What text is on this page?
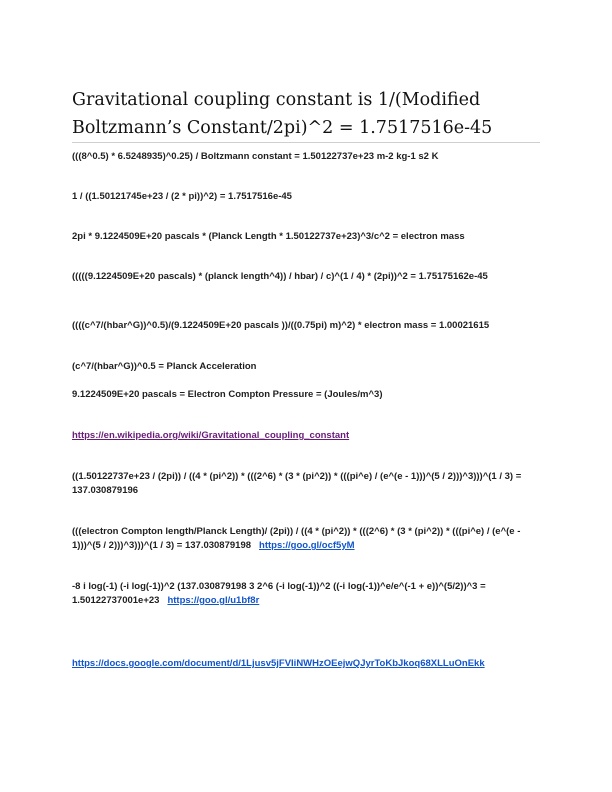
Gravitational coupling constant is 1/(Modified Boltzmann’s Constant/2pi)^2 = 1.7517516e-45
(((8^0.5) * 6.5248935)^0.25) / Boltzmann constant = 1.50122737e+23 m-2 kg-1 s2 K
1 / ((1.50121745e+23 / (2 * pi))^2) = 1.7517516e-45
2pi * 9.1224509E+20 pascals * (Planck Length * 1.50122737e+23)^3/c^2 = electron mass
(((((9.1224509E+20 pascals) * (planck length^4)) / hbar) / c)^(1 / 4) * (2pi))^2 = 1.75175162e-45
((((c^7/(hbar^G))^0.5)/(9.1224509E+20 pascals ))/((0.75pi) m)^2) * electron mass = 1.00021615
(c^7/(hbar^G))^0.5 = Planck Acceleration
9.1224509E+20 pascals = Electron Compton Pressure = (Joules/m^3)
https://en.wikipedia.org/wiki/Gravitational_coupling_constant
((1.50122737e+23 / (2pi)) / ((4 * (pi^2)) * (((2^6) * (3 * (pi^2)) * (((pi^e) / (e^(e - 1)))^(5 / 2)))^3)))^(1 / 3) = 137.030879196
(((electron Compton length/Planck Length)/ (2pi)) / ((4 * (pi^2)) * (((2^6) * (3 * (pi^2)) * (((pi^e) / (e^(e - 1)))^(5 / 2)))^3)))^(1 / 3) = 137.030879198 https://goo.gl/ocf5yM
-8 i log(-1) (-i log(-1))^2 (137.030879198 3 2^6 (-i log(-1))^2 ((-i log(-1))^e/e^(-1 + e))^(5/2))^3 = 1.50122737001e+23 https://goo.gl/u1bf8r
https://docs.google.com/document/d/1Ljusv5jFVIiNWHzOEejwQJyrToKbJkoq68XLLuOnEkk
